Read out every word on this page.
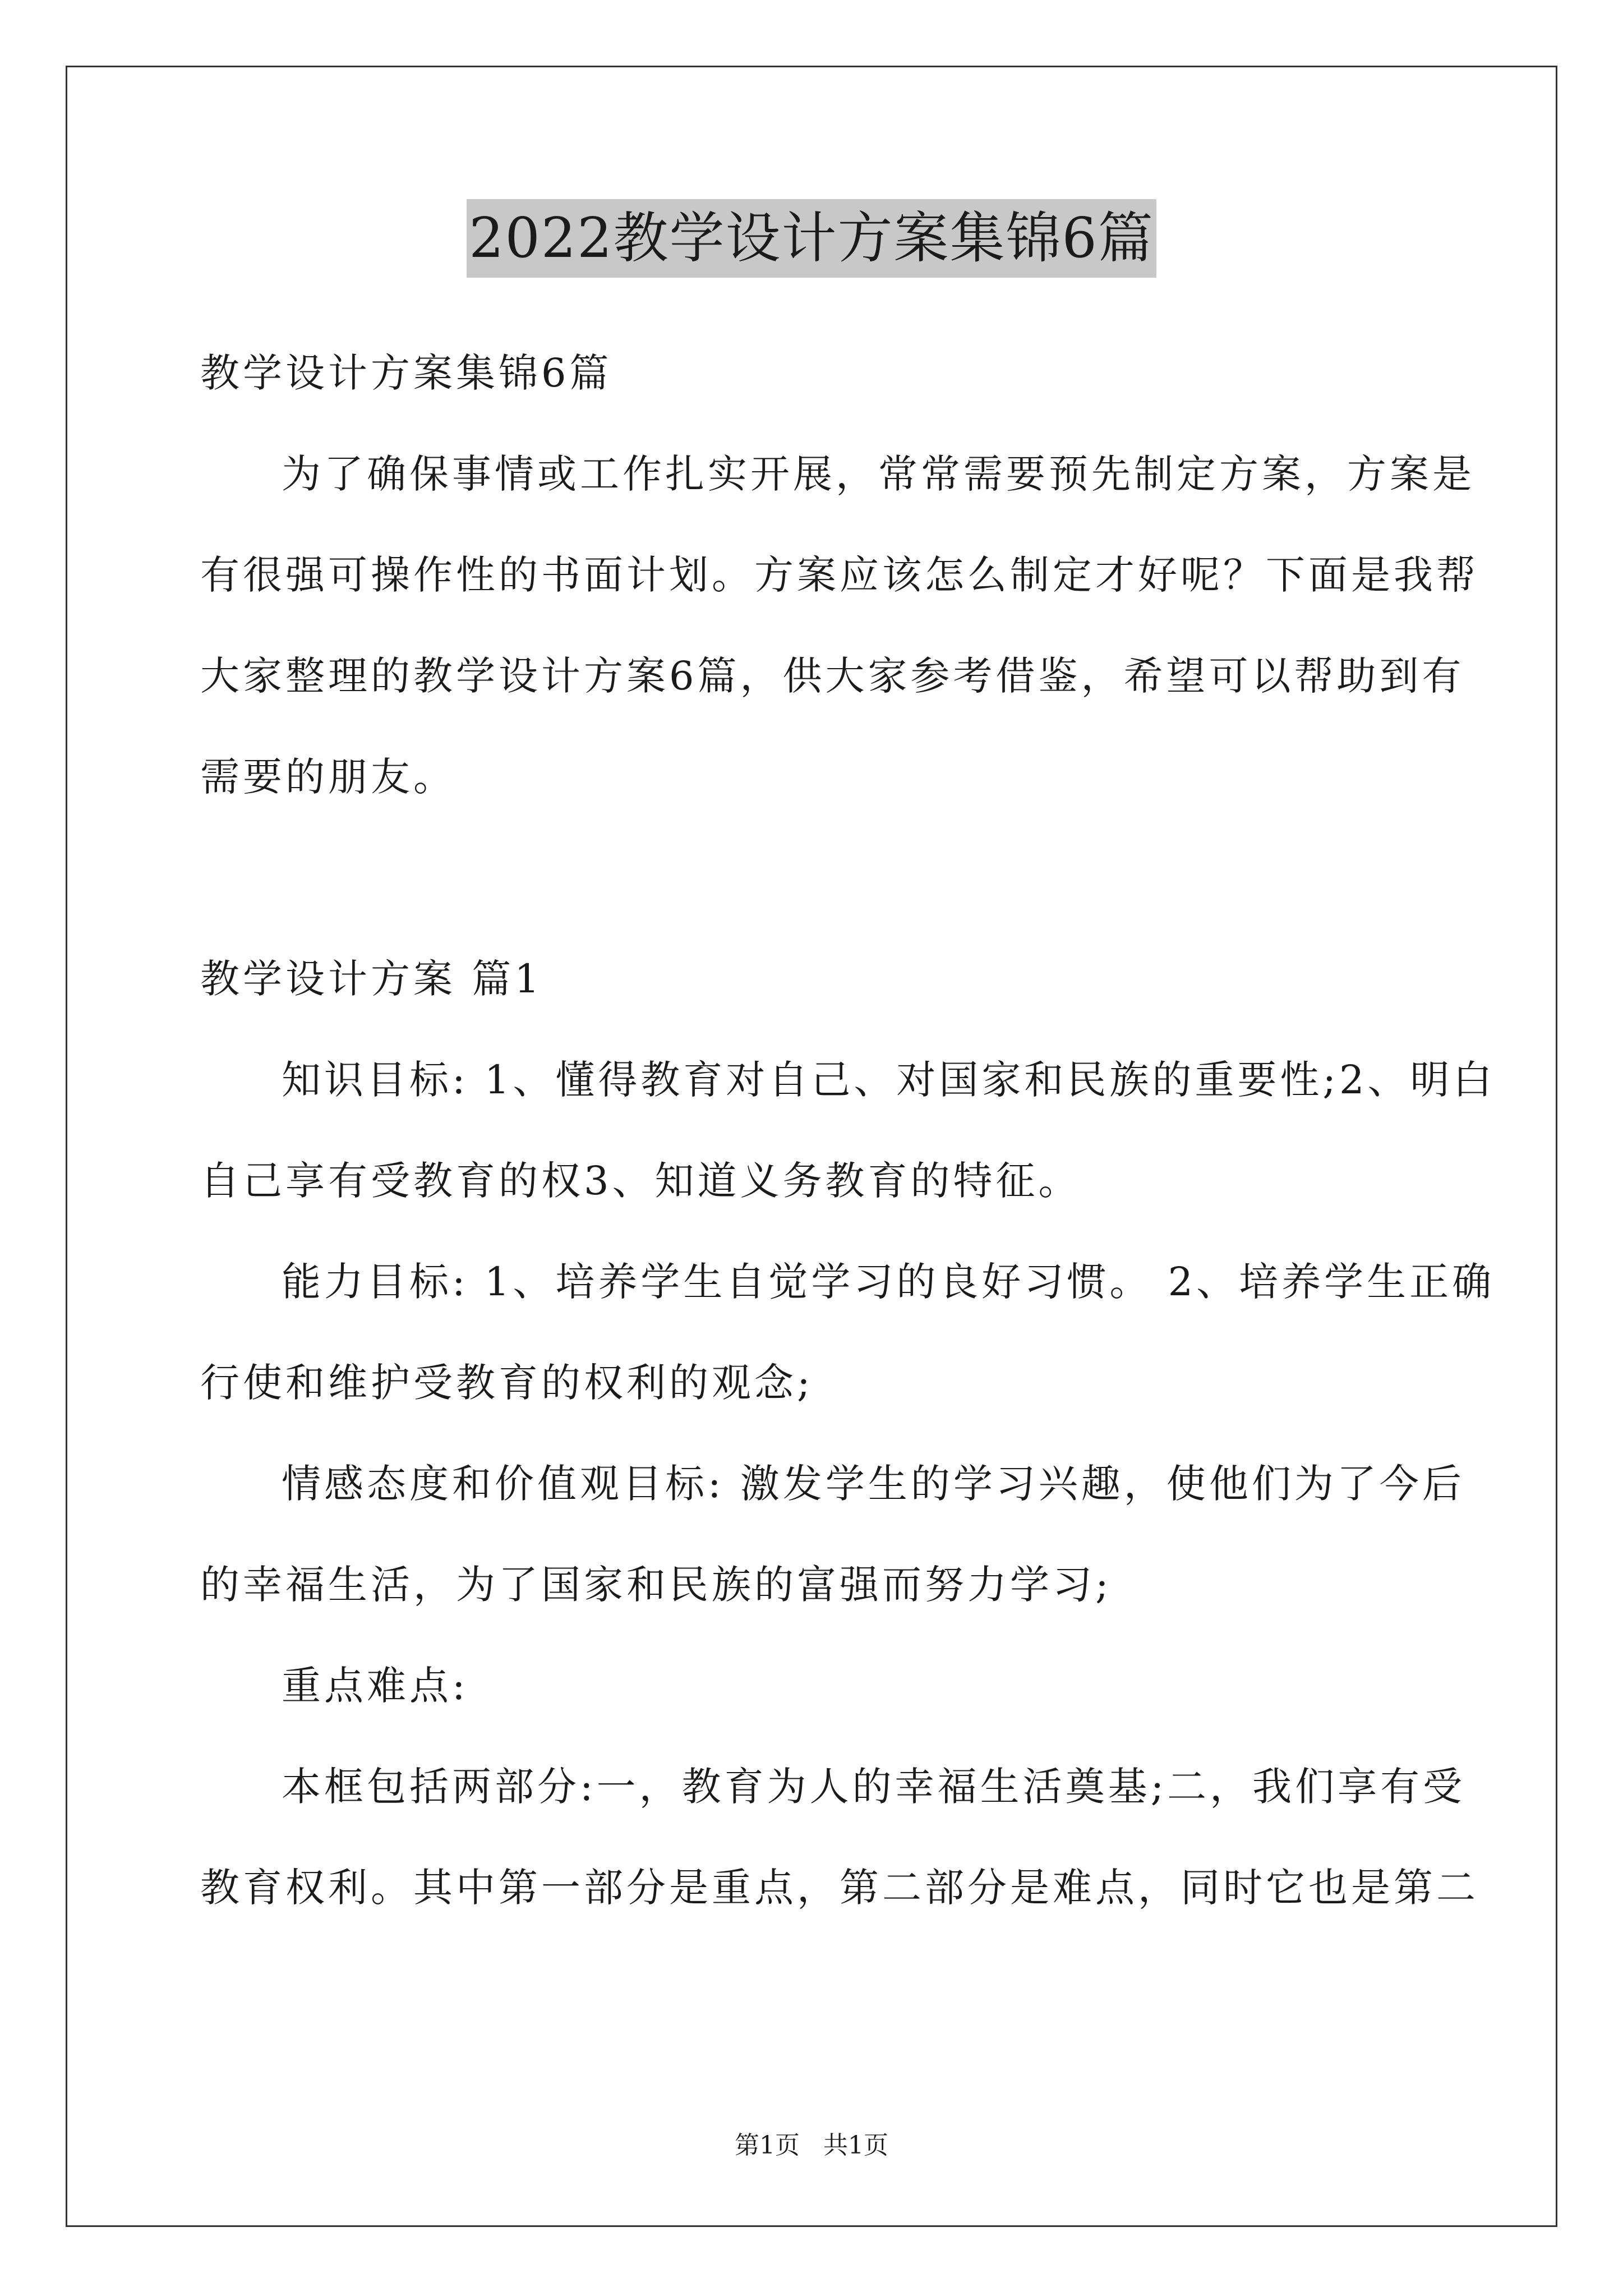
2022教学设计方案集锦6篇
教学设计方案集锦6篇
为了确保事情或工作扎实开展，常常需要预先制定方案，方案是
有很强可操作性的书面计划。方案应该怎么制定才好呢？下面是我帮
大家整理的教学设计方案6篇，供大家参考借鉴，希望可以帮助到有
需要的朋友。
教学设计方案 篇1
知识目标: 1、懂得教育对自己、对国家和民族的重要性;2、明白
自己享有受教育的权3、知道义务教育的特征。
能力目标: 1、培养学生自觉学习的良好习惯。 2、培养学生正确
行使和维护受教育的权利的观念;
情感态度和价值观目标: 激发学生的学习兴趣，使他们为了今后
的幸福生活，为了国家和民族的富强而努力学习;
重点难点:
本框包括两部分:一，教育为人的幸福生活奠基;二，我们享有受
教育权利。其中第一部分是重点，第二部分是难点，同时它也是第二
第1页 共1页
